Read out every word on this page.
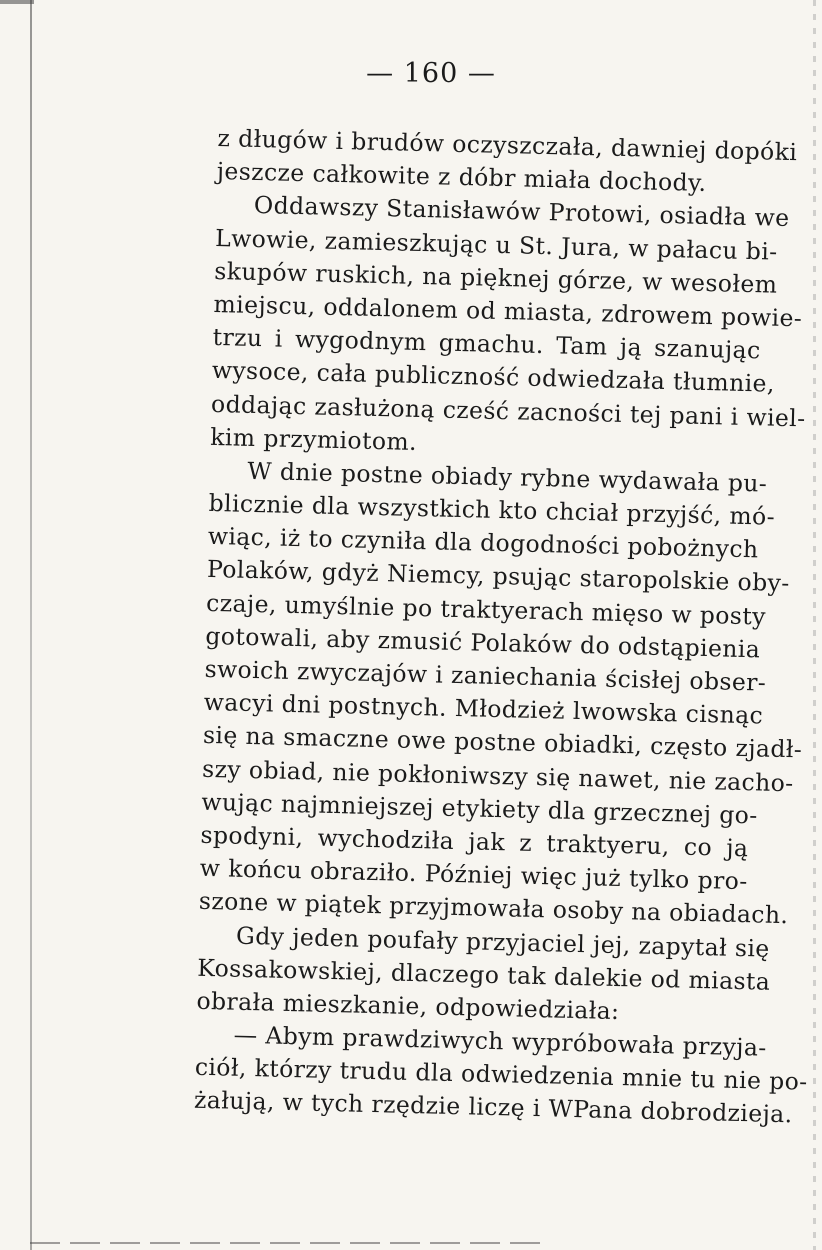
— 160 —
z długów i brudów oczyszczała, dawniej dopóki
jeszcze całkowite z dóbr miała dochody.
Oddawszy Stanisławów Protowi, osiadła we
Lwowie, zamieszkując u St. Jura, w pałacu bi-
skupów ruskich, na pięknej górze, w wesołem
miejscu, oddalonem od miasta, zdrowem powie-
trzu i wygodnym gmachu. Tam ją szanując
wysoce, cała publiczność odwiedzała tłumnie,
oddając zasłużoną cześć zacności tej pani i wiel-
kim przymiotom.
W dnie postne obiady rybne wydawała pu-
blicznie dla wszystkich kto chciał przyjść, mó-
wiąc, iż to czyniła dla dogodności pobożnych
Polaków, gdyż Niemcy, psując staropolskie oby-
czaje, umyślnie po traktyerach mięso w posty
gotowali, aby zmusić Polaków do odstąpienia
swoich zwyczajów i zaniechania ścisłej obser-
wacyi dni postnych. Młodzież lwowska cisnąc
się na smaczne owe postne obiadki, często zjadł-
szy obiad, nie pokłoniwszy się nawet, nie zacho-
wując najmniejszej etykiety dla grzecznej go-
spodyni, wychodziła jak z traktyeru, co ją
w końcu obraziło. Później więc już tylko pro-
szone w piątek przyjmowała osoby na obiadach.
Gdy jeden poufały przyjaciel jej, zapytał się
Kossakowskiej, dlaczego tak dalekie od miasta
obrała mieszkanie, odpowiedziała:
— Abym prawdziwych wypróbowała przyja-
ciół, którzy trudu dla odwiedzenia mnie tu nie po-
żałują, w tych rzędzie liczę i WPana dobrodzieja.
